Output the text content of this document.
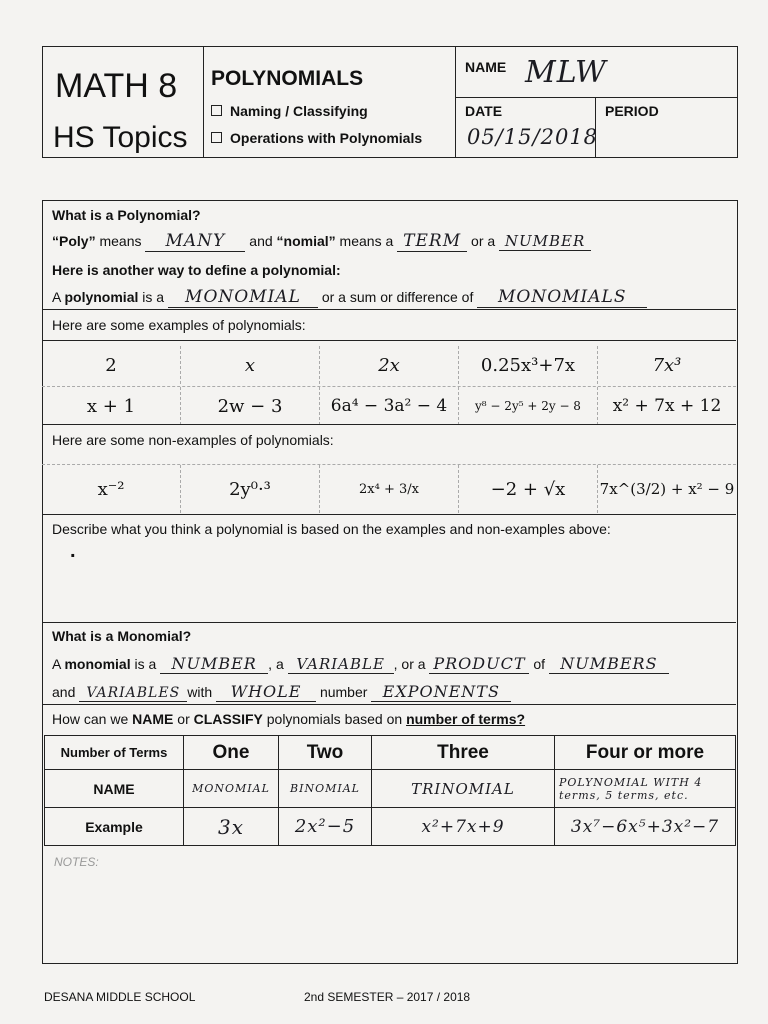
MATH 8
HS Topics
POLYNOMIALS
Naming / Classifying
Operations with Polynomials
NAME MLW
DATE
05/15/2018
PERIOD
What is a Polynomial?
“Poly” means MANY and “nomial” means a TERM or a NUMBER
Here is another way to define a polynomial:
A polynomial is a MONOMIAL or a sum or difference of MONOMIALS
Here are some examples of polynomials:
2	x	2x	0.25x³+7x	7x³
x + 1	2w − 3	6a⁴ − 3a² − 4	y⁸ − 2y⁵ + 2y − 8	x² + 7x + 12
Here are some non-examples of polynomials:
x⁻²	2y⁰·³	2x⁴ + 3/x	−2 + √x	7x^(3/2) + x² − 9
Describe what you think a polynomial is based on the examples and non-examples above:
.
What is a Monomial?
A monomial is a NUMBER , a VARIABLE , or a PRODUCT of NUMBERS
and VARIABLES with WHOLE number EXPONENTS
How can we NAME or CLASSIFY polynomials based on number of terms?
Number of Terms	One	Two	Three	Four or more
NAME	MONOMIAL	BINOMIAL	TRINOMIAL	POLYNOMIAL WITH 4 terms, 5 terms, etc.
Example	3x	2x²−5	x²+7x+9	3x⁷−6x⁵+3x²−7
NOTES:
DESANA MIDDLE SCHOOL	2nd SEMESTER – 2017 / 2018
